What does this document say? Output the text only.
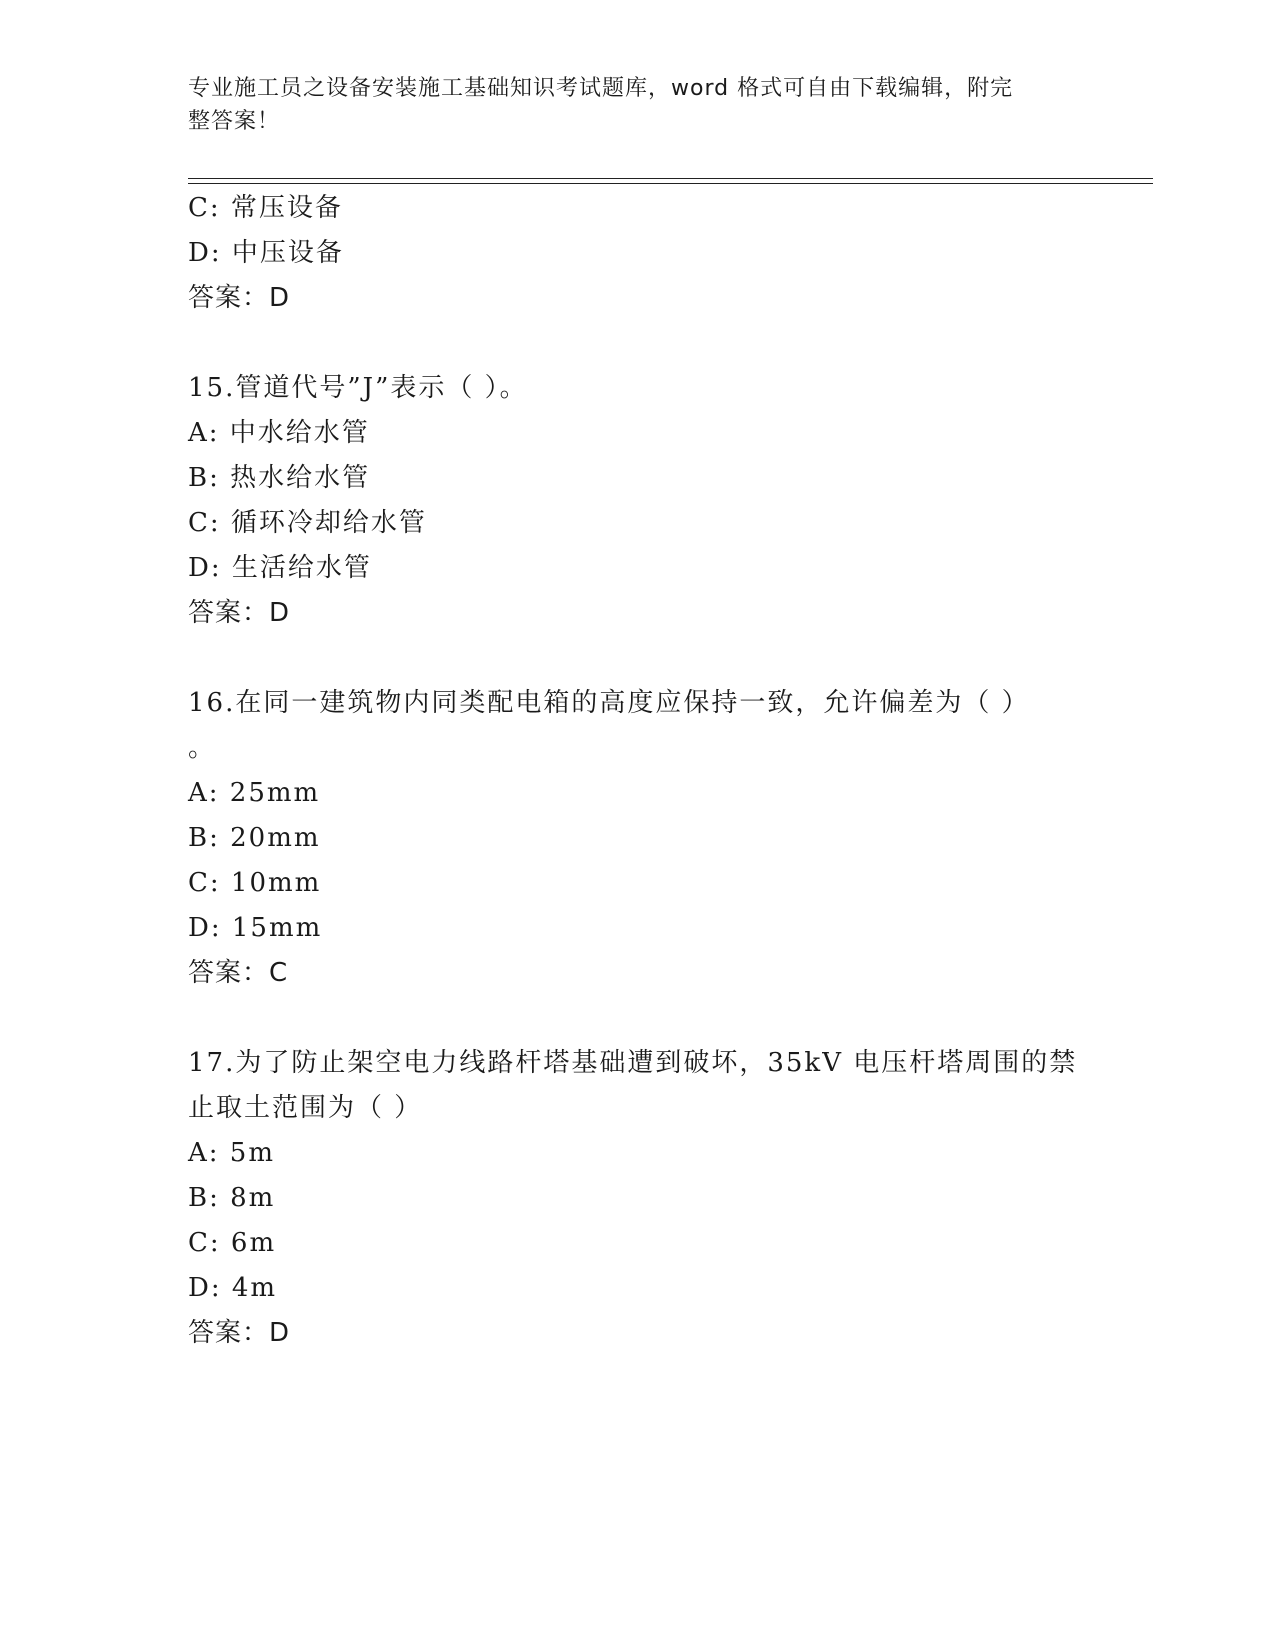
专业施工员之设备安装施工基础知识考试题库，word 格式可自由下载编辑，附完
整答案！
C: 常压设备
D: 中压设备
答案：D
15.管道代号”J”表示（ ）。
A: 中水给水管
B: 热水给水管
C: 循环冷却给水管
D: 生活给水管
答案：D
16.在同一建筑物内同类配电箱的高度应保持一致，允许偏差为（ ）
。
A: 25mm
B: 20mm
C: 10mm
D: 15mm
答案：C
17.为了防止架空电力线路杆塔基础遭到破坏，35kV 电压杆塔周围的禁
止取土范围为（ ）
A: 5m
B: 8m
C: 6m
D: 4m
答案：D
